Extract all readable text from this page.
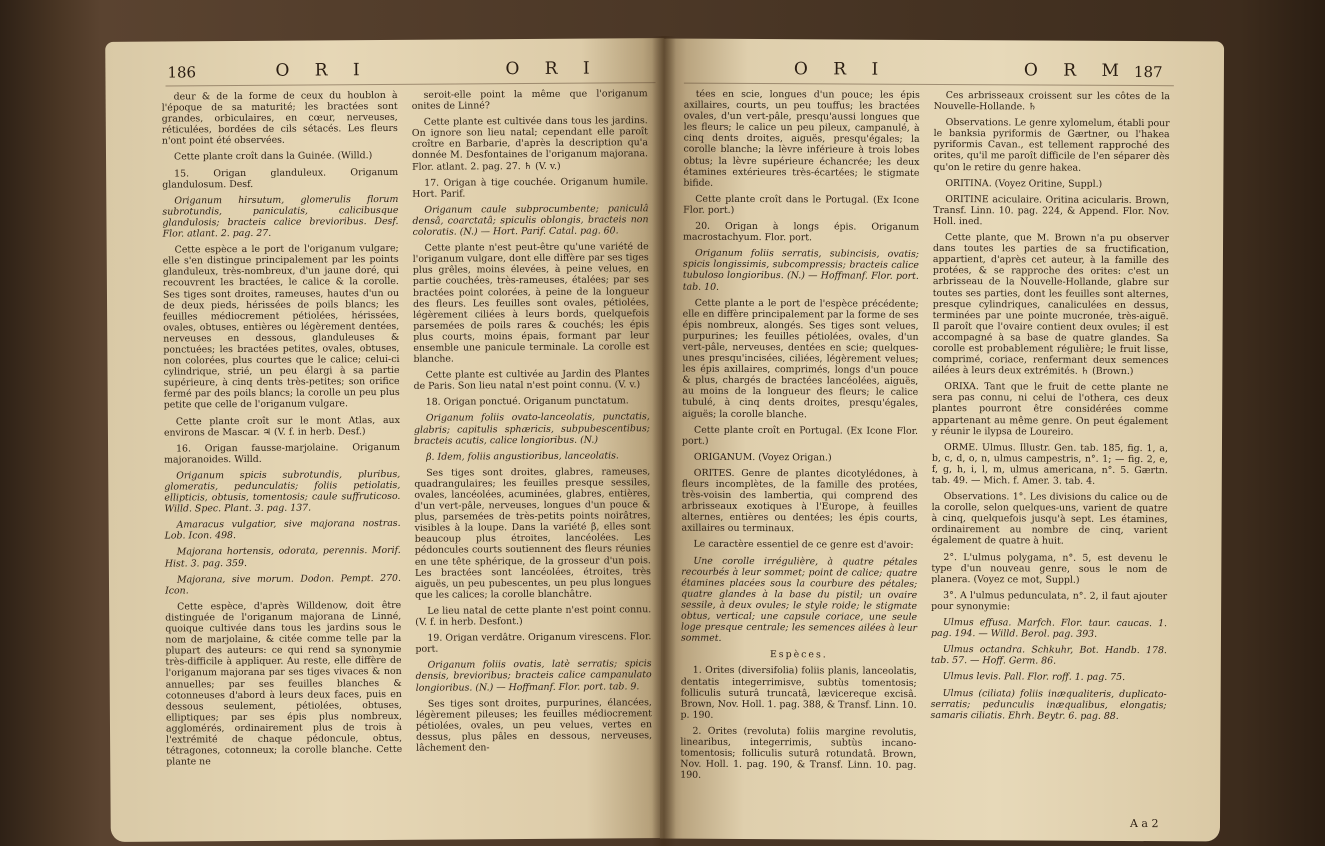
186	O R I	O R I

deur & de la forme de ceux du houblon à l'époque de sa maturité; les bractées sont grandes, orbiculaires, en cœur, nerveuses, réticulées, bordées de cils sétacés. Les fleurs n'ont point été observées.

Cette plante croît dans la Guinée. (Willd.)

15. Origan glanduleux. Origanum glandulosum. Desf.

Origanum hirsutum, glomerulis florum subrotundis, paniculatis, calicibusque glandulosis; bracteis calice brevioribus. Desf. Flor. atlant. 2. pag. 27.

Cette espèce a le port de l'origanum vulgare; elle s'en distingue principalement par les points glanduleux, très-nombreux, d'un jaune doré, qui recouvrent les bractées, le calice & la corolle. Ses tiges sont droites, rameuses, hautes d'un ou de deux pieds, hérissées de poils blancs; les feuilles médiocrement pétiolées, hérissées, ovales, obtuses, entières ou légèrement dentées, nerveuses en dessous, glanduleuses & ponctuées; les bractées petites, ovales, obtuses, non colorées, plus courtes que le calice; celui-ci cylindrique, strié, un peu élargi à sa partie supérieure, à cinq dents très-petites; son orifice fermé par des poils blancs; la corolle un peu plus petite que celle de l'origanum vulgare.

Cette plante croît sur le mont Atlas, aux environs de Mascar. ♃ (V. f. in herb. Desf.)

16. Origan fausse-marjolaine. Origanum majoranoides. Willd.

Origanum spicis subrotundis, pluribus, glomeratis, pedunculatis; foliis petiolatis, ellipticis, obtusis, tomentosis; caule suffruticoso. Willd. Spec. Plant. 3. pag. 137.

Amaracus vulgatior, sive majorana nostras. Lob. Icon. 498.

Majorana hortensis, odorata, perennis. Morif. Hist. 3. pag. 359.

Majorana, sive morum. Dodon. Pempt. 270. Icon.

Cette espèce, d'après Willdenow, doit être distinguée de l'origanum majorana de Linné, quoique cultivée dans tous les jardins sous le nom de marjolaine, & citée comme telle par la plupart des auteurs: ce qui rend sa synonymie très-difficile à appliquer. Au reste, elle diffère de l'origanum majorana par ses tiges vivaces & non annuelles; par ses feuilles blanches & cotonneuses d'abord à leurs deux faces, puis en dessous seulement, pétiolées, obtuses, elliptiques; par ses épis plus nombreux, agglomérés, ordinairement plus de trois à l'extrémité de chaque pédoncule, obtus, tétragones, cotonneux; la corolle blanche. Cette plante ne

seroit-elle point la même que l'origanum onites de Linné?

Cette plante est cultivée dans tous les jardins. On ignore son lieu natal; cependant elle paroît croître en Barbarie, d'après la description qu'a donnée M. Desfontaines de l'origanum majorana. Flor. atlant. 2. pag. 27. ♄ (V. v.)

17. Origan à tige couchée. Origanum humile. Hort. Parif.

Origanum caule subprocumbente; paniculâ densâ, coarctatâ; spiculis oblongis, bracteis non coloratis. (N.) — Hort. Parif. Catal. pag. 60.

Cette plante n'est peut-être qu'une variété de l'origanum vulgare, dont elle diffère par ses tiges plus grêles, moins élevées, à peine velues, en partie couchées, très-rameuses, étalées; par ses bractées point colorées, à peine de la longueur des fleurs. Les feuilles sont ovales, pétiolées, légèrement ciliées à leurs bords, quelquefois parsemées de poils rares & couchés; les épis plus courts, moins épais, formant par leur ensemble une panicule terminale. La corolle est blanche.

Cette plante est cultivée au Jardin des Plantes de Paris. Son lieu natal n'est point connu. (V. v.)

18. Origan ponctué. Origanum punctatum.

Origanum foliis ovato-lanceolatis, punctatis, glabris; capitulis sphæricis, subpubescentibus; bracteis acutis, calice longioribus. (N.)

β. Idem, foliis angustioribus, lanceolatis.

Ses tiges sont droites, glabres, rameuses, quadrangulaires; les feuilles presque sessiles, ovales, lancéolées, acuminées, glabres, entières, d'un vert-pâle, nerveuses, longues d'un pouce & plus, parsemées de très-petits points noirâtres, visibles à la loupe. Dans la variété β, elles sont beaucoup plus étroites, lancéolées. Les pédoncules courts soutiennent des fleurs réunies en une tête sphérique, de la grosseur d'un pois. Les bractées sont lancéolées, étroites, très aiguës, un peu pubescentes, un peu plus longues que les calices; la corolle blanchâtre.

Le lieu natal de cette plante n'est point connu. (V. f. in herb. Desfont.)

19. Origan verdâtre. Origanum virescens. Flor. port.

Origanum foliis ovatis, latè serratis; spicis densis, brevioribus; bracteis calice campanulato longioribus. (N.) — Hoffmanf. Flor. port. tab. 9.

Ses tiges sont droites, purpurines, élancées, légèrement pileuses; les feuilles médiocrement pétiolées, ovales, un peu velues, vertes en dessus, plus pâles en dessous, nerveuses, lâchement den-

O R I	O R M 187

tées en scie, longues d'un pouce; les épis axillaires, courts, un peu touffus; les bractées ovales, d'un vert-pâle, presqu'aussi longues que les fleurs; le calice un peu pileux, campanulé, à cinq dents droites, aiguës, presqu'égales; la corolle blanche; la lèvre inférieure à trois lobes obtus; la lèvre supérieure échancrée; les deux étamines extérieures très-écartées; le stigmate bifide.

Cette plante croît dans le Portugal. (Ex Icone Flor. port.)

20. Origan à longs épis. Origanum macrostachyum. Flor. port.

Origanum foliis serratis, subincisis, ovatis; spicis longissimis, subcompressis; bracteis calice tubuloso longioribus. (N.) — Hoffmanf. Flor. port. tab. 10.

Cette plante a le port de l'espèce précédente; elle en diffère principalement par la forme de ses épis nombreux, alongés. Ses tiges sont velues, purpurines; les feuilles pétiolées, ovales, d'un vert-pâle, nerveuses, dentées en scie; quelques-unes presqu'incisées, ciliées, légèrement velues; les épis axillaires, comprimés, longs d'un pouce & plus, chargés de bractées lancéolées, aiguës, au moins de la longueur des fleurs; le calice tubulé, à cinq dents droites, presqu'égales, aiguës; la corolle blanche.

Cette plante croît en Portugal. (Ex Icone Flor. port.)

ORIGANUM. (Voyez Origan.)

ORITES. Genre de plantes dicotylédones, à fleurs incomplètes, de la famille des protées, très-voisin des lambertia, qui comprend des arbrisseaux exotiques à l'Europe, à feuilles alternes, entières ou dentées; les épis courts, axillaires ou terminaux.

Le caractère essentiel de ce genre est d'avoir:

Une corolle irrégulière, à quatre pétales recourbés à leur sommet; point de calice; quatre étamines placées sous la courbure des pétales; quatre glandes à la base du pistil; un ovaire sessile, à deux ovules; le style roide; le stigmate obtus, vertical; une capsule coriace, une seule loge presque centrale; les semences ailées à leur sommet.

Espèces.

1. Orites (diversifolia) foliis planis, lanceolatis, dentatis integerrimisve, subtùs tomentosis; folliculis suturâ truncatâ, lævicereque excisâ. Brown, Nov. Holl. 1. pag. 388, & Transf. Linn. 10. p. 190.

2. Orites (revoluta) foliis margine revolutis, linearibus, integerrimis, subtùs incano-tomentosis; folliculis suturâ rotundatâ. Brown, Nov. Holl. 1. pag. 190, & Transf. Linn. 10. pag. 190.

Ces arbrisseaux croissent sur les côtes de la Nouvelle-Hollande. ♄

Observations. Le genre xylomelum, établi pour le banksia pyriformis de Gærtner, ou l'hakea pyriformis Cavan., est tellement rapproché des orites, qu'il me paroît difficile de l'en séparer dès qu'on le retire du genre hakea.

ORITINA. (Voyez Oritine, Suppl.)

ORITINE aciculaire. Oritina acicularis. Brown, Transf. Linn. 10. pag. 224, & Append. Flor. Nov. Holl. ined.

Cette plante, que M. Brown n'a pu observer dans toutes les parties de sa fructification, appartient, d'après cet auteur, à la famille des protées, & se rapproche des orites: c'est un arbrisseau de la Nouvelle-Hollande, glabre sur toutes ses parties, dont les feuilles sont alternes, presque cylindriques, canaliculées en dessus, terminées par une pointe mucronée, très-aiguë. Il paroît que l'ovaire contient deux ovules; il est accompagné à sa base de quatre glandes. Sa corolle est probablement régulière; le fruit lisse, comprimé, coriace, renfermant deux semences ailées à leurs deux extrémités. ♄ (Brown.)

ORIXA. Tant que le fruit de cette plante ne sera pas connu, ni celui de l'othera, ces deux plantes pourront être considérées comme appartenant au même genre. On peut également y réunir le ilypsa de Loureiro.

ORME. Ulmus. Illustr. Gen. tab. 185, fig. 1, a, b, c, d, o, n, ulmus campestris, n°. 1; — fig. 2, e, f, g, h, i, l, m, ulmus americana, n°. 5. Gærtn. tab. 49. — Mich. f. Amer. 3. tab. 4.

Observations. 1°. Les divisions du calice ou de la corolle, selon quelques-uns, varient de quatre à cinq, quelquefois jusqu'à sept. Les étamines, ordinairement au nombre de cinq, varient également de quatre à huit.

2°. L'ulmus polygama, n°. 5, est devenu le type d'un nouveau genre, sous le nom de planera. (Voyez ce mot, Suppl.)

3°. A l'ulmus pedunculata, n°. 2, il faut ajouter pour synonymie:

Ulmus effusa. Marfch. Flor. taur. caucas. 1. pag. 194. — Willd. Berol. pag. 393.

Ulmus octandra. Schkuhr, Bot. Handb. 178. tab. 57. — Hoff. Germ. 86.

Ulmus levis. Pall. Flor. roff. 1. pag. 75.

Ulmus (ciliata) foliis inæqualiteris, duplicato-serratis; pedunculis inæqualibus, elongatis; samaris ciliatis. Ehrh. Beytr. 6. pag. 88.

A a 2
